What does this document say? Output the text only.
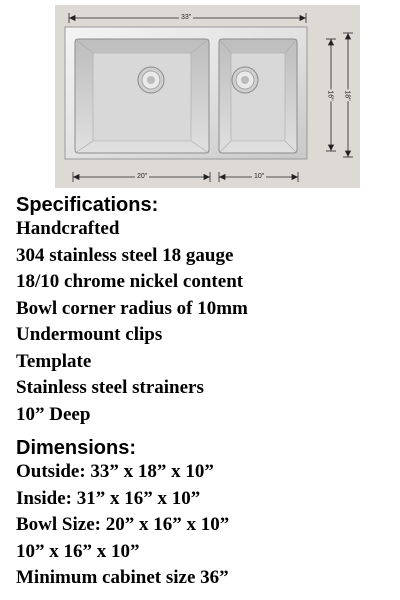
33"
18"
16"
20"	10"
Specifications:
Handcrafted
304 stainless steel 18 gauge
18/10 chrome nickel content
Bowl corner radius of 10mm
Undermount clips
Template
Stainless steel strainers
10” Deep
Dimensions:
Outside: 33” x 18” x 10”
Inside: 31” x 16” x 10”
Bowl Size: 20” x 16” x 10”
10” x 16” x 10”
Minimum cabinet size 36”
